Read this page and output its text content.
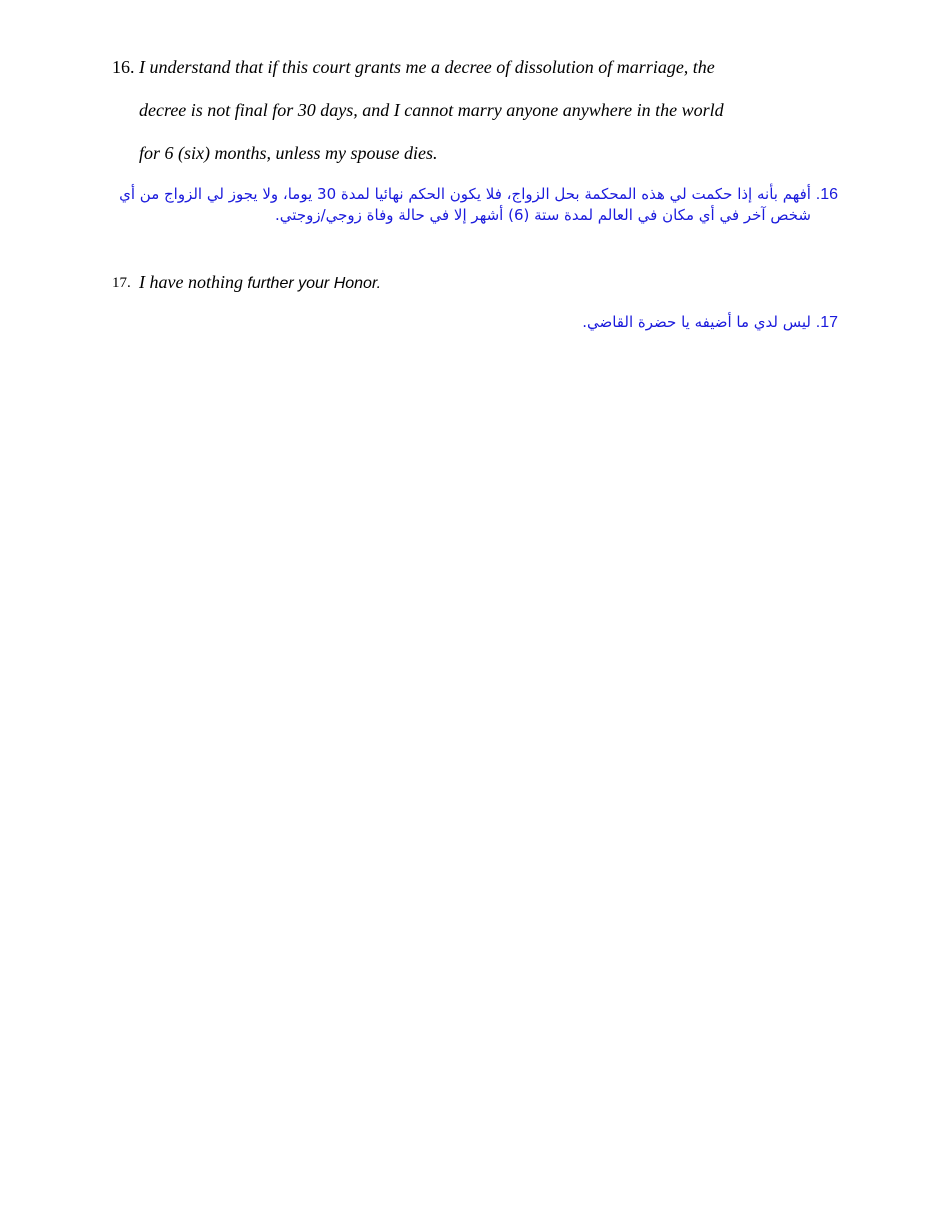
16. I understand that if this court grants me a decree of dissolution of marriage, the
decree is not final for 30 days, and I cannot marry anyone anywhere in the world
for 6 (six) months, unless my spouse dies.
16. أفهم بأنه إذا حكمت لي هذه المحكمة بحل الزواج، فلا يكون الحكم نهائيا لمدة 30 يوما، ولا يجوز لي الزواج من أي
شخص آخر في أي مكان في العالم لمدة ستة (6) أشهر إلا في حالة وفاة زوجي/زوجتي.
17. I have nothing further your Honor.
17. ليس لدي ما أضيفه يا حضرة القاضي.
